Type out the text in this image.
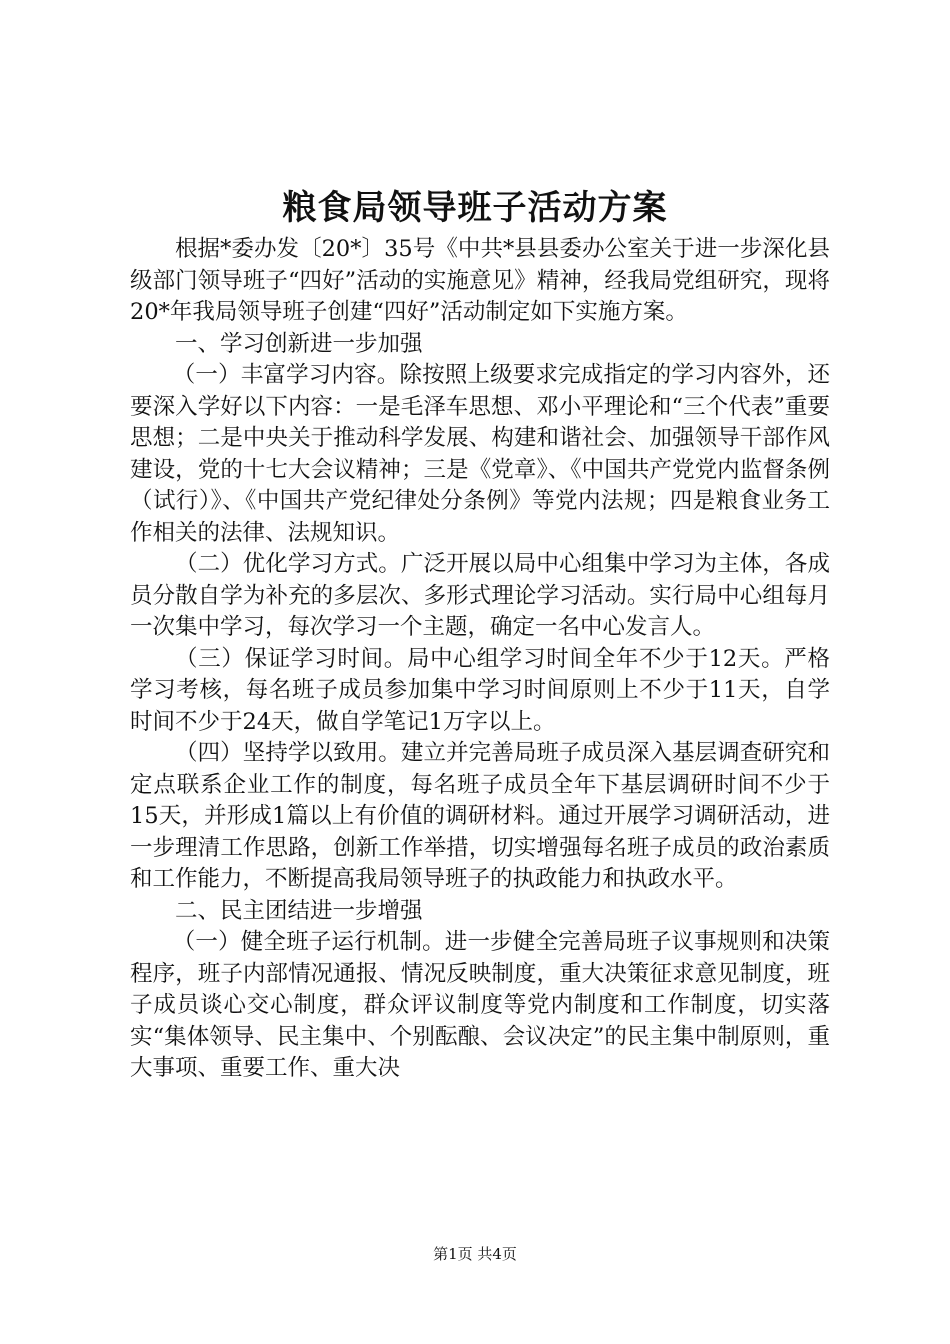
粮食局领导班子活动方案

根据*委办发〔20*〕35号《中共*县县委办公室关于进一步深化县级部门领导班子“四好”活动的实施意见》精神，经我局党组研究，现将20*年我局领导班子创建“四好”活动制定如下实施方案。

一、学习创新进一步加强

（一）丰富学习内容。除按照上级要求完成指定的学习内容外，还要深入学好以下内容：一是毛泽车思想、邓小平理论和“三个代表”重要思想；二是中央关于推动科学发展、构建和谐社会、加强领导干部作风建设，党的十七大会议精神；三是《党章》、《中国共产党党内监督条例（试行）》、《中国共产党纪律处分条例》等党内法规；四是粮食业务工作相关的法律、法规知识。

（二）优化学习方式。广泛开展以局中心组集中学习为主体，各成员分散自学为补充的多层次、多形式理论学习活动。实行局中心组每月一次集中学习，每次学习一个主题，确定一名中心发言人。

（三）保证学习时间。局中心组学习时间全年不少于12天。严格学习考核，每名班子成员参加集中学习时间原则上不少于11天，自学时间不少于24天，做自学笔记1万字以上。

（四）坚持学以致用。建立并完善局班子成员深入基层调查研究和定点联系企业工作的制度，每名班子成员全年下基层调研时间不少于15天，并形成1篇以上有价值的调研材料。通过开展学习调研活动，进一步理清工作思路，创新工作举措，切实增强每名班子成员的政治素质和工作能力，不断提高我局领导班子的执政能力和执政水平。

二、民主团结进一步增强

（一）健全班子运行机制。进一步健全完善局班子议事规则和决策程序，班子内部情况通报、情况反映制度，重大决策征求意见制度，班子成员谈心交心制度，群众评议制度等党内制度和工作制度，切实落实“集体领导、民主集中、个别酝酿、会议决定”的民主集中制原则，重大事项、重要工作、重大决

第1页 共4页
